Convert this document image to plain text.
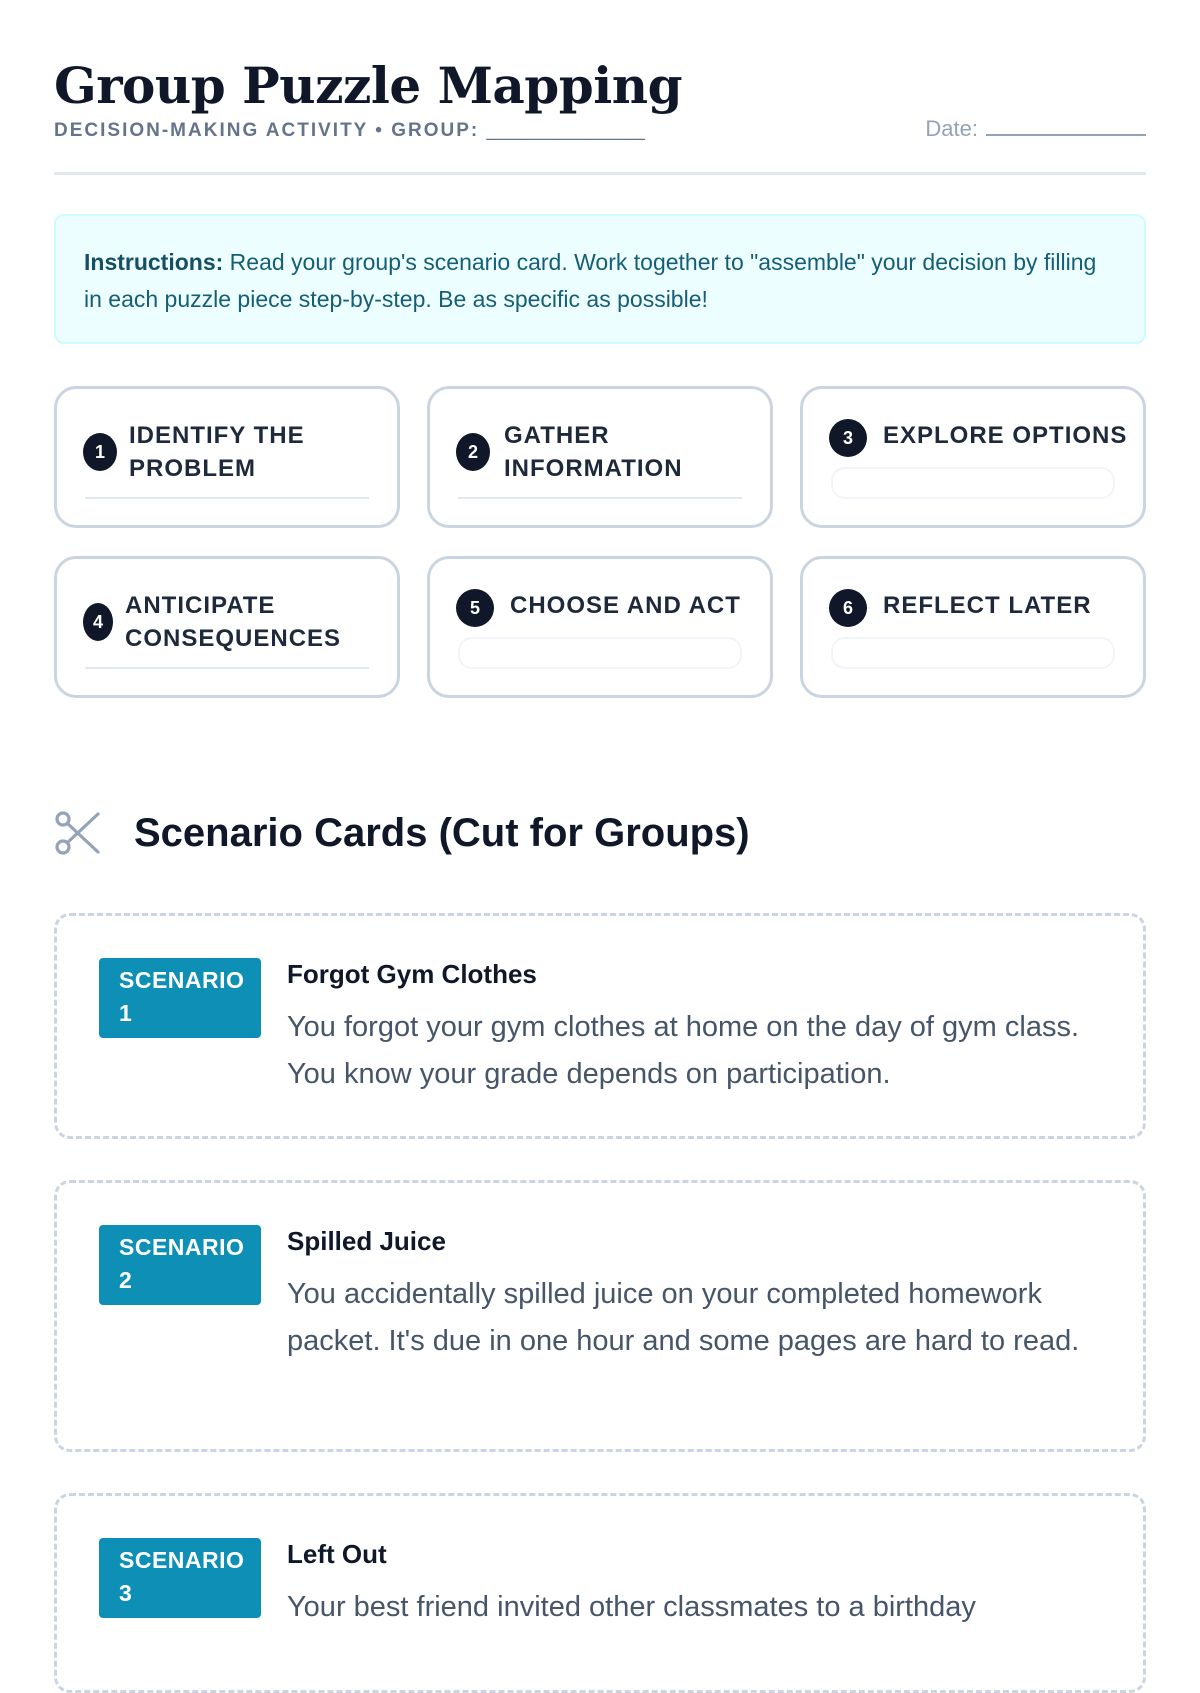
Group Puzzle Mapping
DECISION-MAKING ACTIVITY • GROUP: _______________	Date:
Instructions: Read your group's scenario card. Work together to "assemble" your decision by filling in each puzzle piece step-by-step. Be as specific as possible!
1
IDENTIFY THE PROBLEM
2
GATHER INFORMATION
3	EXPLORE OPTIONS
4
ANTICIPATE CONSEQUENCES
5	CHOOSE AND ACT	6	REFLECT LATER
Scenario Cards (Cut for Groups)
SCENARIO 1
Forgot Gym Clothes
You forgot your gym clothes at home on the day of gym class. You know your grade depends on participation.
SCENARIO 2
Spilled Juice
You accidentally spilled juice on your completed homework packet. It's due in one hour and some pages are hard to read.
SCENARIO 3
Left Out
Your best friend invited other classmates to a birthday
